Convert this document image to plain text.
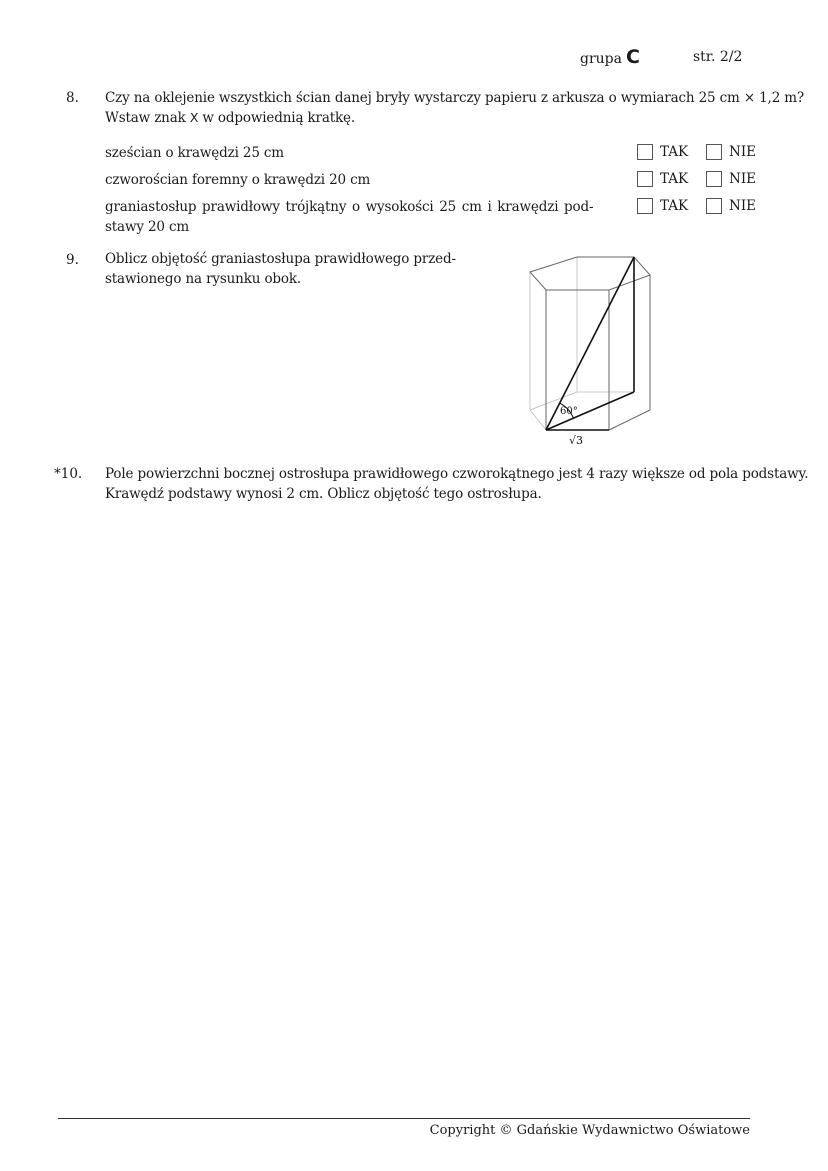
grupa C	str. 2/2
8. Czy na oklejenie wszystkich ścian danej bryły wystarczy papieru z arkusza o wymiarach 25 cm × 1,2 m?
Wstaw znak X w odpowiednią kratkę.
sześcian o krawędzi 25 cm	TAK	NIE
czworościan foremny o krawędzi 20 cm	TAK	NIE
graniastosłup prawidłowy trójkątny o wysokości 25 cm i krawędzi pod-
stawy 20 cm
TAK	NIE
9. Oblicz objętość graniastosłupa prawidłowego przed-
stawionego na rysunku obok.
60°
√3
*10. Pole powierzchni bocznej ostrosłupa prawidłowego czworokątnego jest 4 razy większe od pola podstawy.
Krawędź podstawy wynosi 2 cm. Oblicz objętość tego ostrosłupa.
Copyright © Gdańskie Wydawnictwo Oświatowe
